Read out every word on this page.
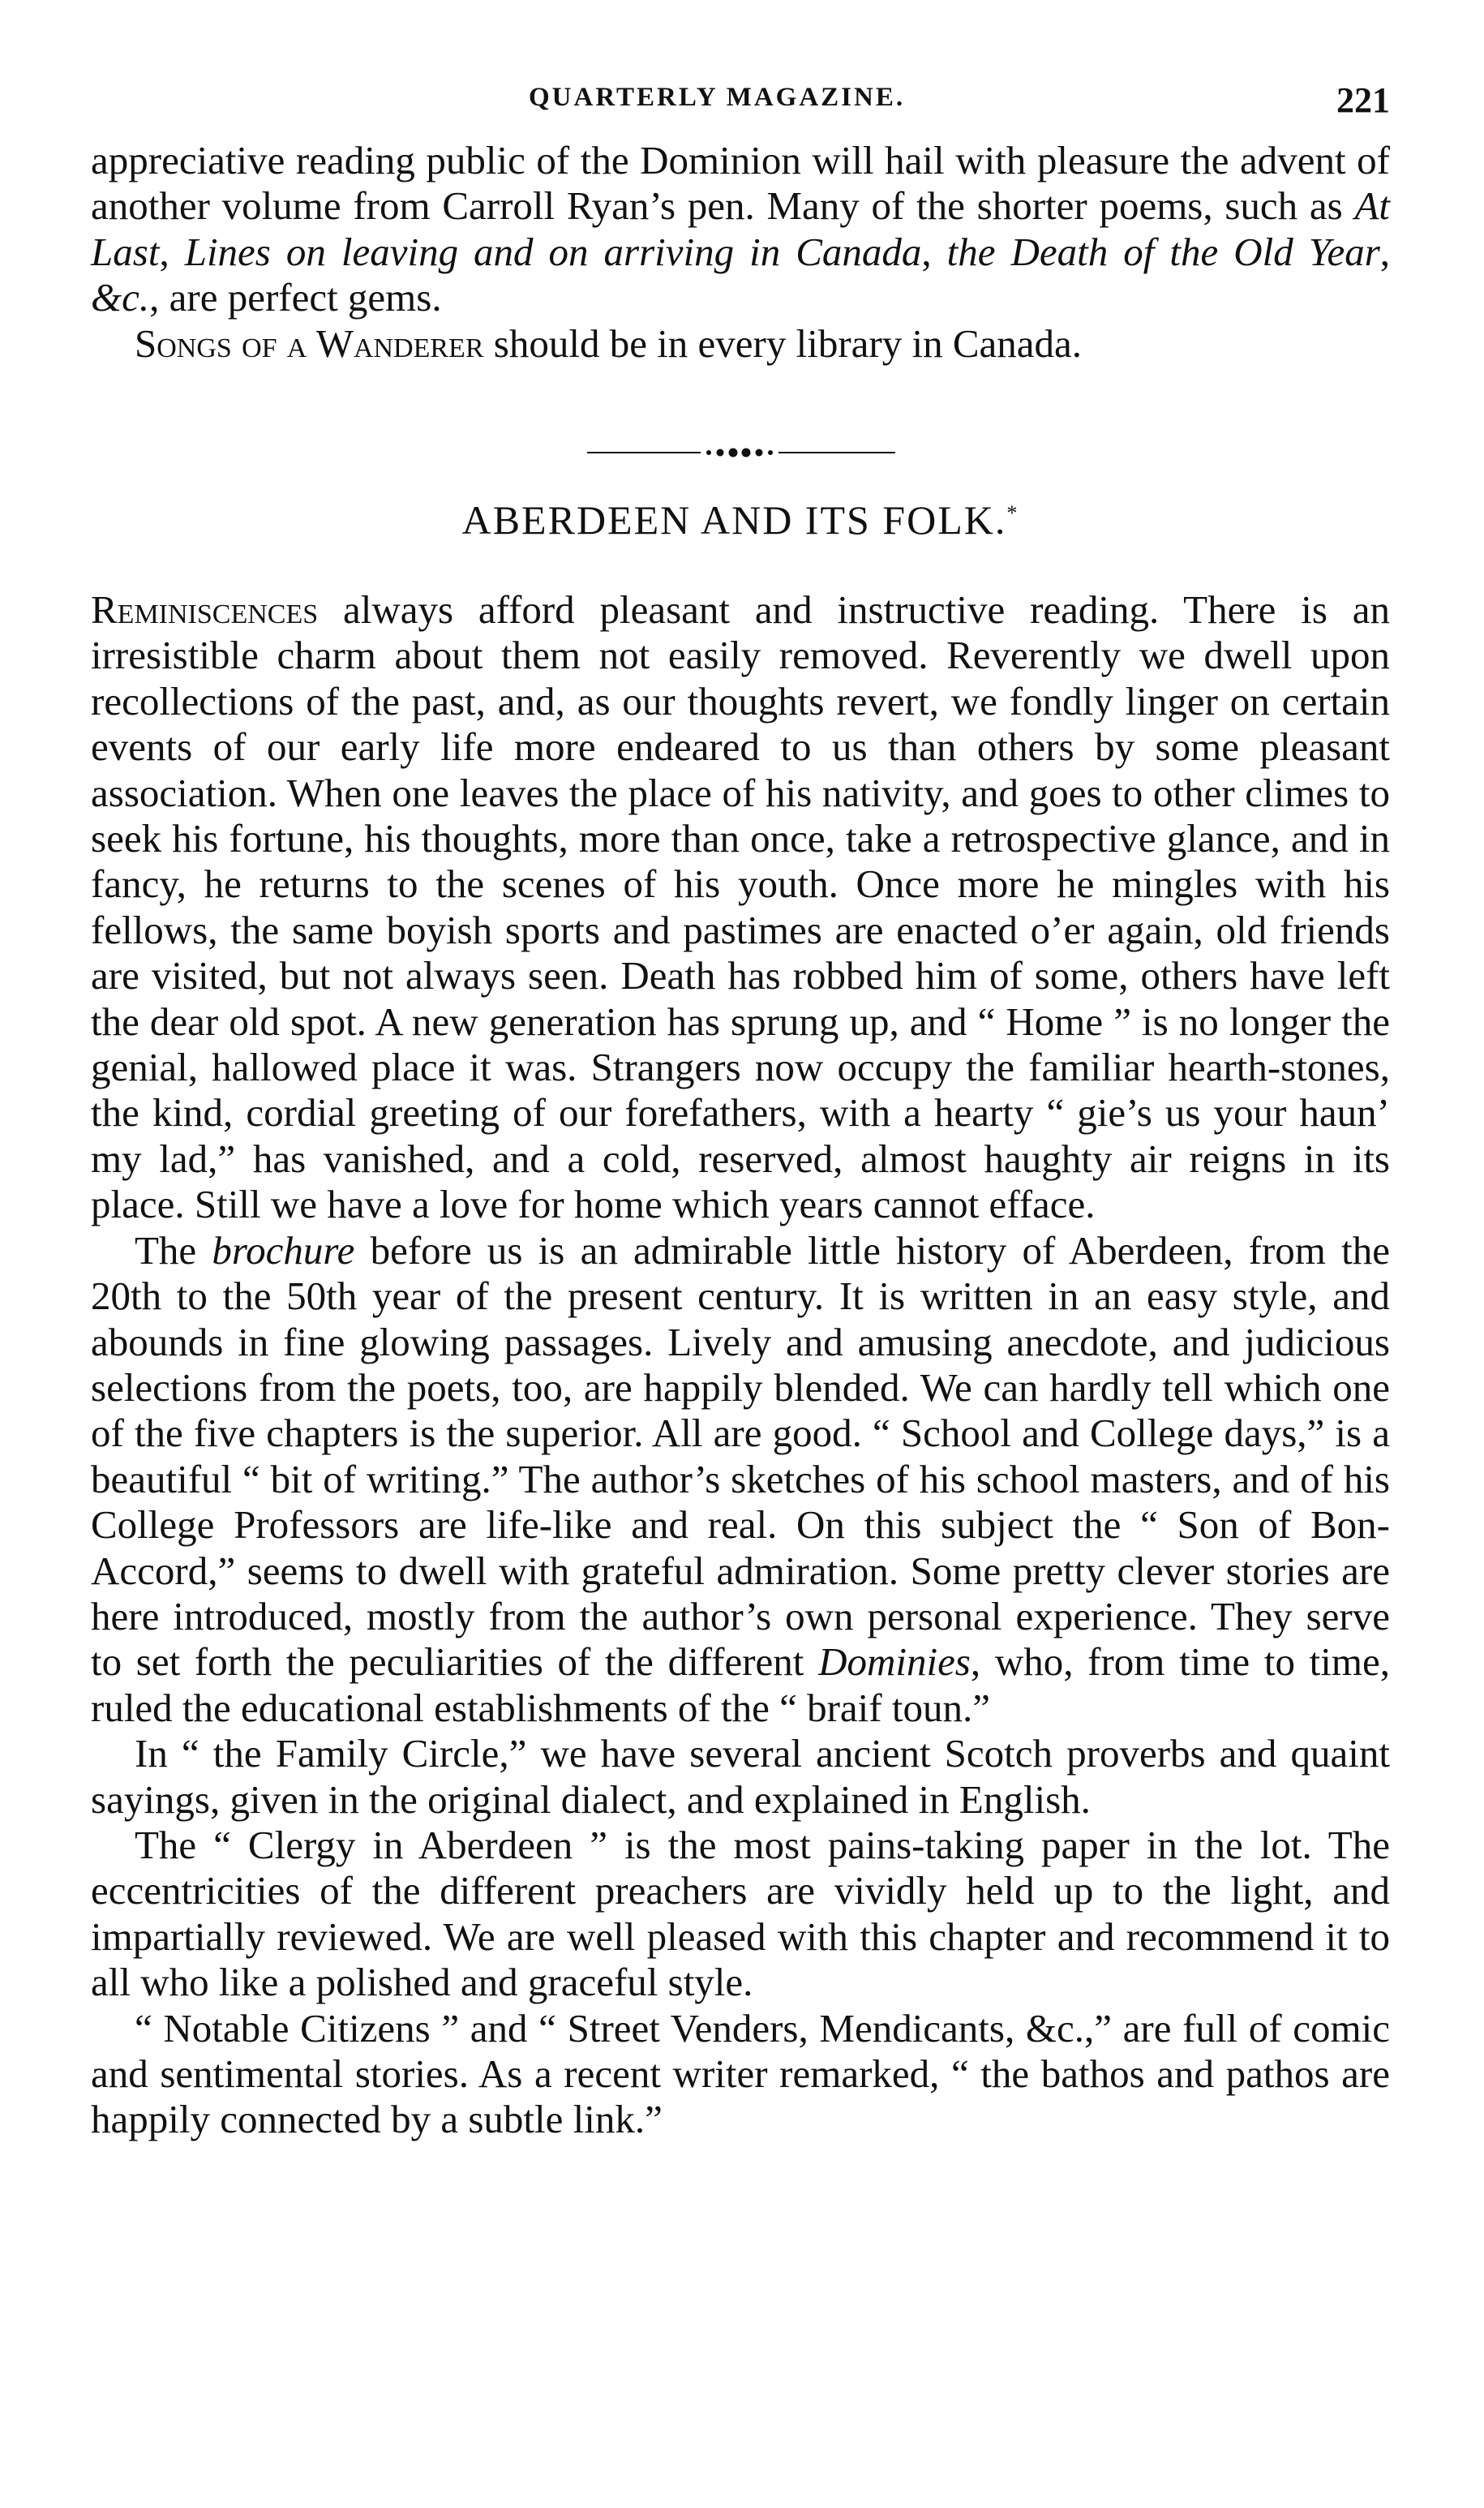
QUARTERLY MAGAZINE.	221

appreciative reading public of the Dominion will hail with pleasure the advent of another volume from Carroll Ryan’s pen. Many of the shorter poems, such as At Last, Lines on leaving and on arriving in Canada, the Death of the Old Year, &c., are perfect gems.

Songs of a Wanderer should be in every library in Canada.

ABERDEEN AND ITS FOLK.*

Reminiscences always afford pleasant and instructive reading. There is an irresistible charm about them not easily removed. Reverently we dwell upon recollections of the past, and, as our thoughts revert, we fondly linger on certain events of our early life more endeared to us than others by some pleasant association. When one leaves the place of his nativity, and goes to other climes to seek his fortune, his thoughts, more than once, take a retrospective glance, and in fancy, he returns to the scenes of his youth. Once more he mingles with his fellows, the same boyish sports and pastimes are enacted o’er again, old friends are visited, but not always seen. Death has robbed him of some, others have left the dear old spot. A new generation has sprung up, and “ Home ” is no longer the genial, hallowed place it was. Strangers now occupy the familiar hearth-stones, the kind, cordial greeting of our forefathers, with a hearty “ gie’s us your haun’ my lad,” has vanished, and a cold, reserved, almost haughty air reigns in its place. Still we have a love for home which years cannot efface.

The brochure before us is an admirable little history of Aberdeen, from the 20th to the 50th year of the present century. It is written in an easy style, and abounds in fine glowing passages. Lively and amusing anecdote, and judicious selections from the poets, too, are happily blended. We can hardly tell which one of the five chapters is the superior. All are good. “ School and College days,” is a beautiful “ bit of writing.” The author’s sketches of his school masters, and of his College Professors are life-like and real. On this subject the “ Son of Bon-Accord,” seems to dwell with grateful admiration. Some pretty clever stories are here introduced, mostly from the author’s own personal experience. They serve to set forth the peculiarities of the different Dominies, who, from time to time, ruled the educational establishments of the “ braif toun.”

In “ the Family Circle,” we have several ancient Scotch proverbs and quaint sayings, given in the original dialect, and explained in English.

The “ Clergy in Aberdeen ” is the most pains-taking paper in the lot. The eccentricities of the different preachers are vividly held up to the light, and impartially reviewed. We are well pleased with this chapter and recommend it to all who like a polished and graceful style.

“ Notable Citizens ” and “ Street Venders, Mendicants, &c.,” are full of comic and sentimental stories. As a recent writer remarked, “ the bathos and pathos are happily connected by a subtle link.”
